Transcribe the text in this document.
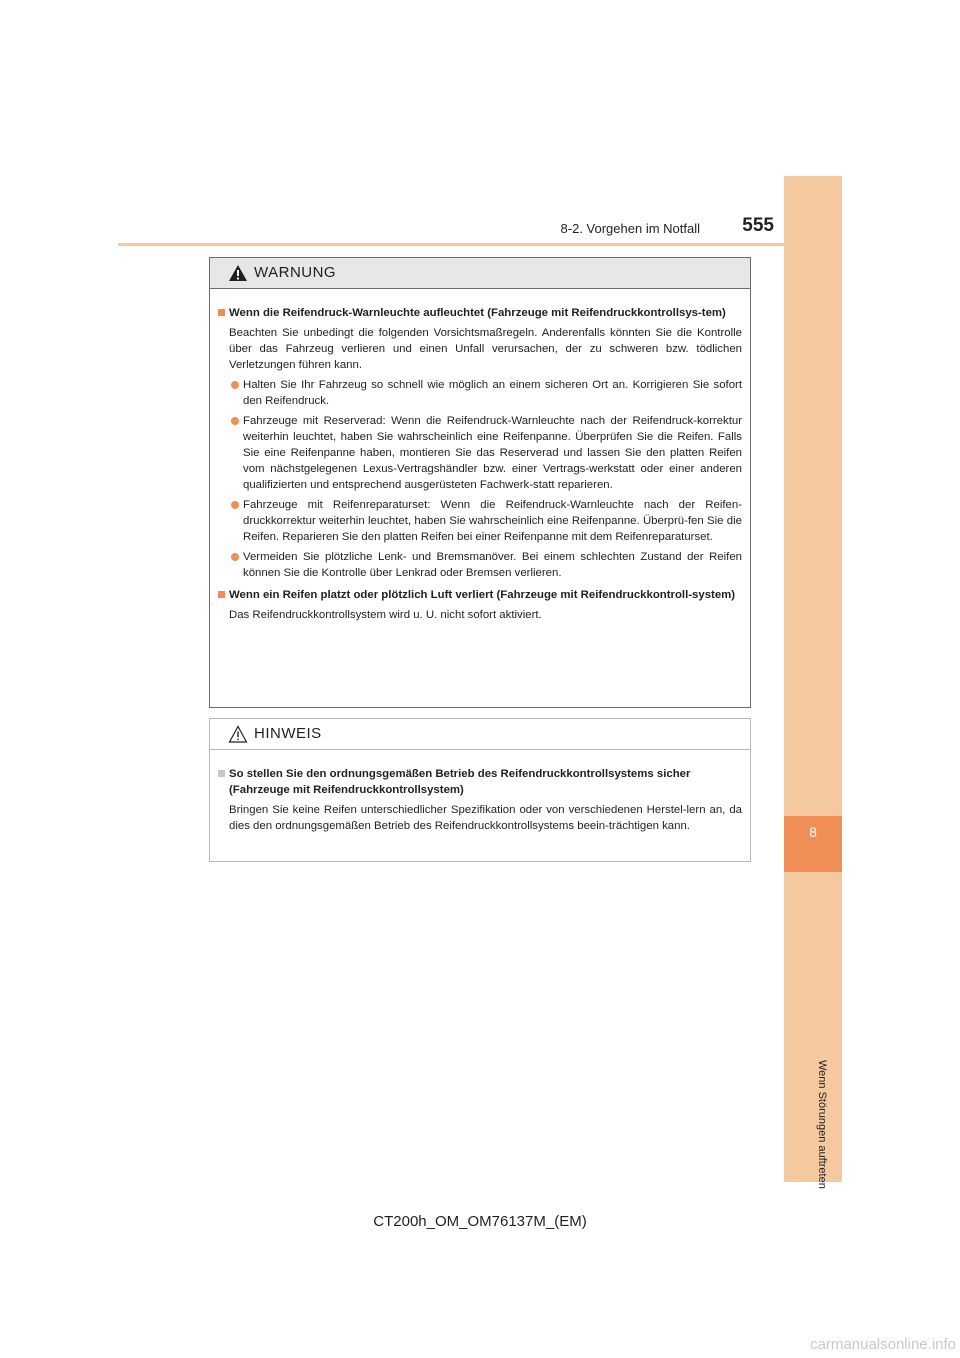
8
Wenn Störungen auftreten
8-2. Vorgehen im Notfall	555
WARNUNG
Wenn die Reifendruck-Warnleuchte aufleuchtet (Fahrzeuge mit Reifendruckkontrollsys-tem)
Beachten Sie unbedingt die folgenden Vorsichtsmaßregeln. Anderenfalls könnten Sie die Kontrolle über das Fahrzeug verlieren und einen Unfall verursachen, der zu schweren bzw. tödlichen Verletzungen führen kann.
Halten Sie Ihr Fahrzeug so schnell wie möglich an einem sicheren Ort an. Korrigieren Sie sofort den Reifendruck.
Fahrzeuge mit Reserverad: Wenn die Reifendruck-Warnleuchte nach der Reifendruck-korrektur weiterhin leuchtet, haben Sie wahrscheinlich eine Reifenpanne. Überprüfen Sie die Reifen. Falls Sie eine Reifenpanne haben, montieren Sie das Reserverad und lassen Sie den platten Reifen vom nächstgelegenen Lexus-Vertragshändler bzw. einer Vertrags-werkstatt oder einer anderen qualifizierten und entsprechend ausgerüsteten Fachwerk-statt reparieren.
Fahrzeuge mit Reifenreparaturset: Wenn die Reifendruck-Warnleuchte nach der Reifen-druckkorrektur weiterhin leuchtet, haben Sie wahrscheinlich eine Reifenpanne. Überprü-fen Sie die Reifen. Reparieren Sie den platten Reifen bei einer Reifenpanne mit dem Reifenreparaturset.
Vermeiden Sie plötzliche Lenk- und Bremsmanöver. Bei einem schlechten Zustand der Reifen können Sie die Kontrolle über Lenkrad oder Bremsen verlieren.
Wenn ein Reifen platzt oder plötzlich Luft verliert (Fahrzeuge mit Reifendruckkontroll-system)
Das Reifendruckkontrollsystem wird u. U. nicht sofort aktiviert.
HINWEIS
So stellen Sie den ordnungsgemäßen Betrieb des Reifendruckkontrollsystems sicher (Fahrzeuge mit Reifendruckkontrollsystem)
Bringen Sie keine Reifen unterschiedlicher Spezifikation oder von verschiedenen Herstel-lern an, da dies den ordnungsgemäßen Betrieb des Reifendruckkontrollsystems beein-trächtigen kann.
CT200h_OM_OM76137M_(EM)
carmanualsonline.info
